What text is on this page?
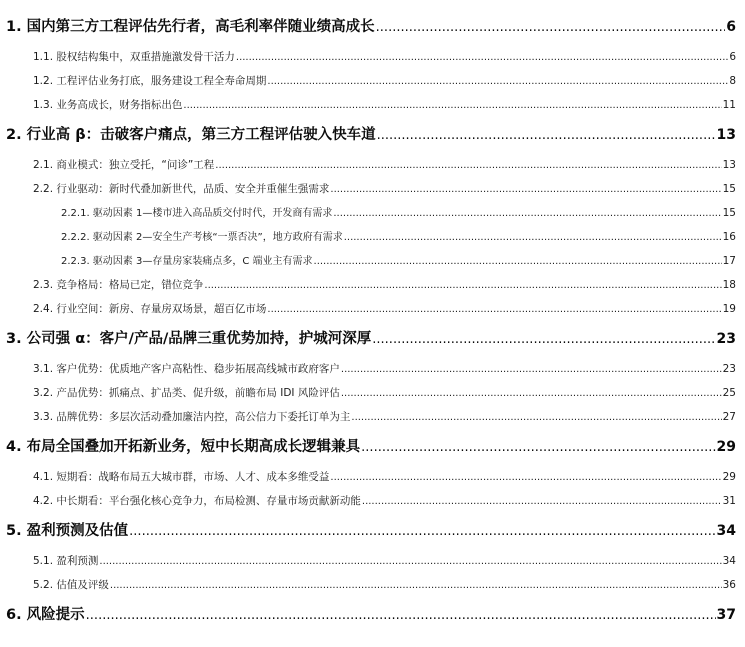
1. 国内第三方工程评估先行者，高毛利率伴随业绩高成长 .....	6
1.1. 股权结构集中，双重措施激发骨干活力 .....	6
1.2. 工程评估业务打底，服务建设工程全寿命周期 .....	8
1.3. 业务高成长，财务指标出色 .....	11
2. 行业高 β：击破客户痛点，第三方工程评估驶入快车道 .....	13
2.1. 商业模式：独立受托，“问诊”工程 .....	13
2.2. 行业驱动：新时代叠加新世代，品质、安全并重催生强需求 .....	15
2.2.1. 驱动因素 1—楼市进入高品质交付时代，开发商有需求 .....	15
2.2.2. 驱动因素 2—安全生产考核“一票否决”，地方政府有需求 .....	16
2.2.3. 驱动因素 3—存量房家装痛点多，C 端业主有需求 .....	17
2.3. 竞争格局：格局已定，错位竞争 .....	18
2.4. 行业空间：新房、存量房双场景，超百亿市场 .....	19
3. 公司强 α：客户/产品/品牌三重优势加持，护城河深厚 .....	23
3.1. 客户优势：优质地产客户高粘性、稳步拓展高线城市政府客户 .....	23
3.2. 产品优势：抓痛点、扩品类、促升级，前瞻布局 IDI 风险评估 .....	25
3.3. 品牌优势：多层次活动叠加廉洁内控，高公信力下委托订单为主 .....	27
4. 布局全国叠加开拓新业务，短中长期高成长逻辑兼具 .....	29
4.1. 短期看：战略布局五大城市群，市场、人才、成本多维受益 .....	29
4.2. 中长期看：平台强化核心竞争力，布局检测、存量市场贡献新动能 .....	31
5. 盈利预测及估值 .....	34
5.1. 盈利预测 .....	34
5.2. 估值及评级 .....	36
6. 风险提示 .....	37
